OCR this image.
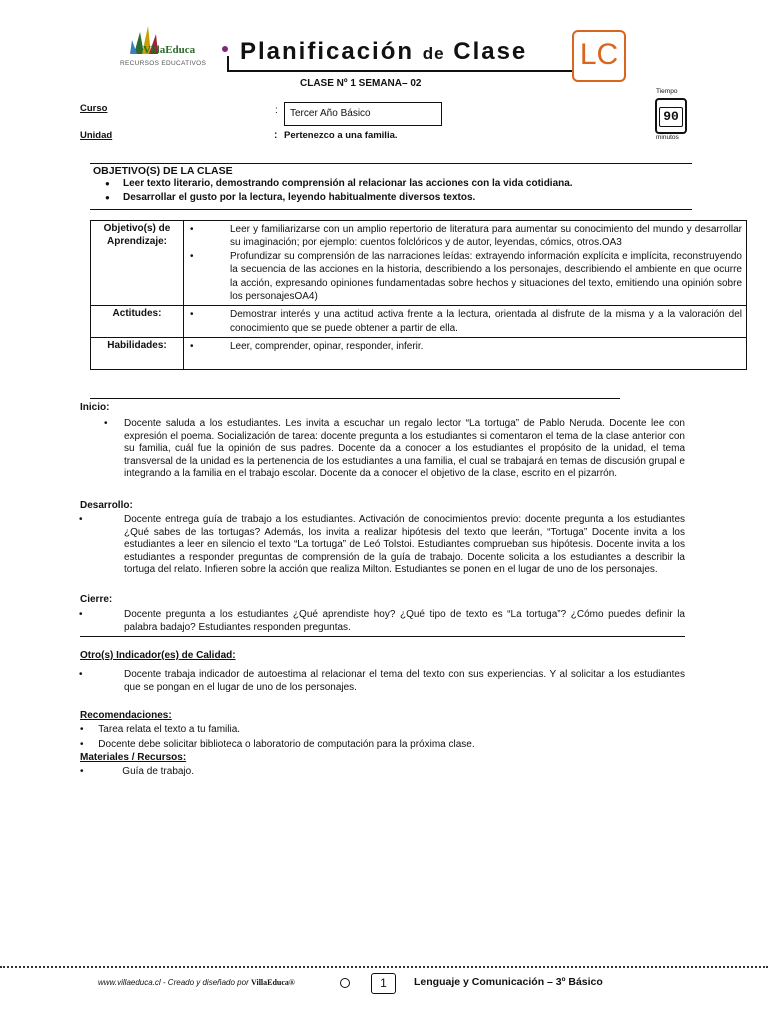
VillaEduca
RECURSOS EDUCATIVOS Planificación de Clase LC
CLASE Nº 1 SEMANA– 02
Tiempo
90
minutos
Curso	:	Tercer Año Básico
Unidad	: Pertenezco a una familia.
OBJETIVO(S) DE LA CLASE
● Leer texto literario, demostrando comprensión al relacionar las acciones con la vida cotidiana.
● Desarrollar el gusto por la lectura, leyendo habitualmente diversos textos.
Objetivo(s) de Aprendizaje:	• Leer y familiarizarse con un amplio repertorio de literatura para aumentar su conocimiento del mundo y desarrollar su imaginación; por ejemplo: cuentos folclóricos y de autor, leyendas, cómics, otros.OA3
• Profundizar su comprensión de las narraciones leídas: extrayendo información explícita e implícita, reconstruyendo la secuencia de las acciones en la historia, describiendo a los personajes, describiendo el ambiente en que ocurre la acción, expresando opiniones fundamentadas sobre hechos y situaciones del texto, emitiendo una opinión sobre los personajesOA4)

Actitudes:	• Demostrar interés y una actitud activa frente a la lectura, orientada al disfrute de la misma y a la valoración del conocimiento que se puede obtener a partir de ella.

Habilidades:	• Leer, comprender, opinar, responder, inferir.
Inicio:
• Docente saluda a los estudiantes. Les invita a escuchar un regalo lector “La tortuga” de Pablo Neruda. Docente lee con expresión el poema. Socialización de tarea: docente pregunta a los estudiantes si comentaron el tema de la clase anterior con su familia, cuál fue la opinión de sus padres. Docente da a conocer a los estudiantes el propósito de la unidad, el tema transversal de la unidad es la pertenencia de los estudiantes a una familia, el cual se trabajará en temas de discusión grupal e integrando a la familia en el trabajo escolar. Docente da a conocer el objetivo de la clase, escrito en el pizarrón.
Desarrollo:
•	Docente entrega guía de trabajo a los estudiantes. Activación de conocimientos previo: docente pregunta a los estudiantes ¿Qué sabes de las tortugas? Además, los invita a realizar hipótesis del texto que leerán, “Tortuga” Docente invita a los estudiantes a leer en silencio el texto “La tortuga” de Leó Tolstoi. Estudiantes comprueban sus hipótesis. Docente invita a los estudiantes a responder preguntas de comprensión de la guía de trabajo. Docente solicita a los estudiantes a describir la tortuga del relato. Infieren sobre la acción que realiza Milton. Estudiantes se ponen en el lugar de uno de los personajes.
Cierre:
•	Docente pregunta a los estudiantes ¿Qué aprendiste hoy? ¿Qué tipo de texto es “La tortuga”? ¿Cómo puedes definir la palabra badajo? Estudiantes responden preguntas.
Otro(s) Indicador(es) de Calidad:
•	Docente trabaja indicador de autoestima al relacionar el tema del texto con sus experiencias. Y al solicitar a los estudiantes que se pongan en el lugar de uno de los personajes.
Recomendaciones:
• Tarea relata el texto a tu familia.
• Docente debe solicitar biblioteca o laboratorio de computación para la próxima clase.
Materiales / Recursos:
•	Guía de trabajo.
www.villaeduca.cl - Creado y diseñado por VillaEduca®	1	Lenguaje y Comunicación – 3º Básico
